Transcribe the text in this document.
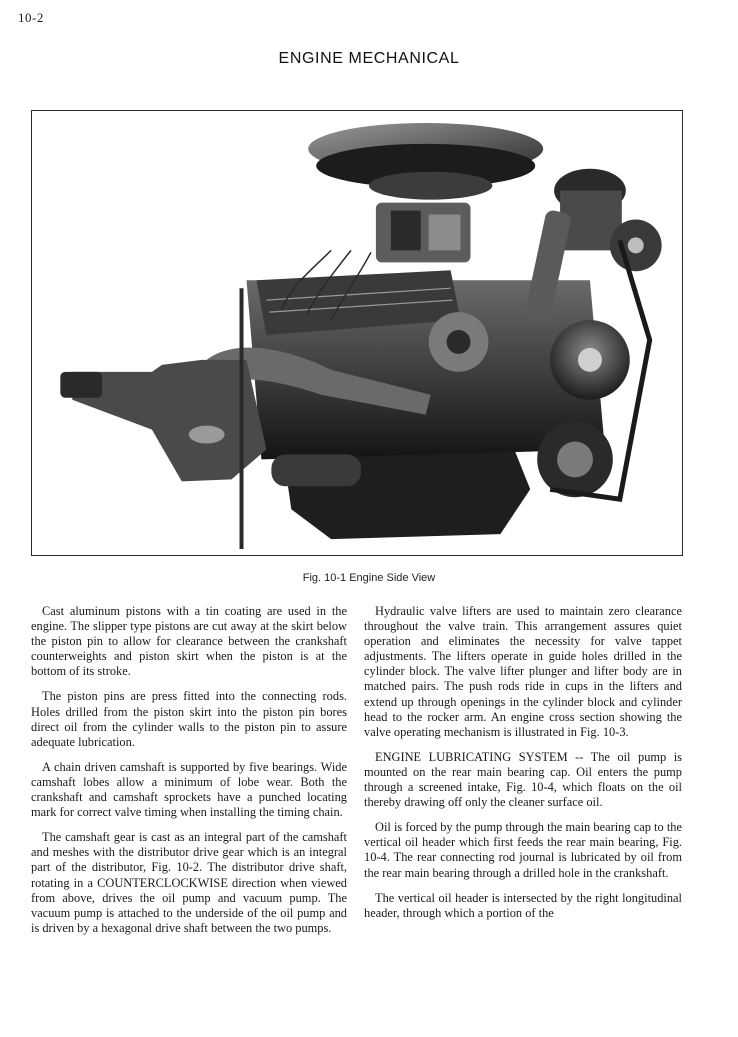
10-2
ENGINE MECHANICAL
Fig. 10-1 Engine Side View

Cast aluminum pistons with a tin coating are used in the engine. The slipper type pistons are cut away at the skirt below the piston pin to allow for clearance between the crankshaft counterweights and piston skirt when the piston is at the bottom of its stroke.

The piston pins are press fitted into the connecting rods. Holes drilled from the piston skirt into the piston pin bores direct oil from the cylinder walls to the piston pin to assure adequate lubrication.

A chain driven camshaft is supported by five bearings. Wide camshaft lobes allow a minimum of lobe wear. Both the crankshaft and camshaft sprockets have a punched locating mark for correct valve timing when installing the timing chain.

The camshaft gear is cast as an integral part of the camshaft and meshes with the distributor drive gear which is an integral part of the distributor, Fig. 10-2. The distributor drive shaft, rotating in a COUNTERCLOCKWISE direction when viewed from above, drives the oil pump and vacuum pump. The vacuum pump is attached to the underside of the oil pump and is driven by a hexagonal drive shaft between the two pumps.

Hydraulic valve lifters are used to maintain zero clearance throughout the valve train. This arrangement assures quiet operation and eliminates the necessity for valve tappet adjustments. The lifters operate in guide holes drilled in the cylinder block. The valve lifter plunger and lifter body are in matched pairs. The push rods ride in cups in the lifters and extend up through openings in the cylinder block and cylinder head to the rocker arm. An engine cross section showing the valve operating mechanism is illustrated in Fig. 10-3.

ENGINE LUBRICATING SYSTEM -- The oil pump is mounted on the rear main bearing cap. Oil enters the pump through a screened intake, Fig. 10-4, which floats on the oil thereby drawing off only the cleaner surface oil.

Oil is forced by the pump through the main bearing cap to the vertical oil header which first feeds the rear main bearing, Fig. 10-4. The rear connecting rod journal is lubricated by oil from the rear main bearing through a drilled hole in the crankshaft.

The vertical oil header is intersected by the right longitudinal header, through which a portion of the
